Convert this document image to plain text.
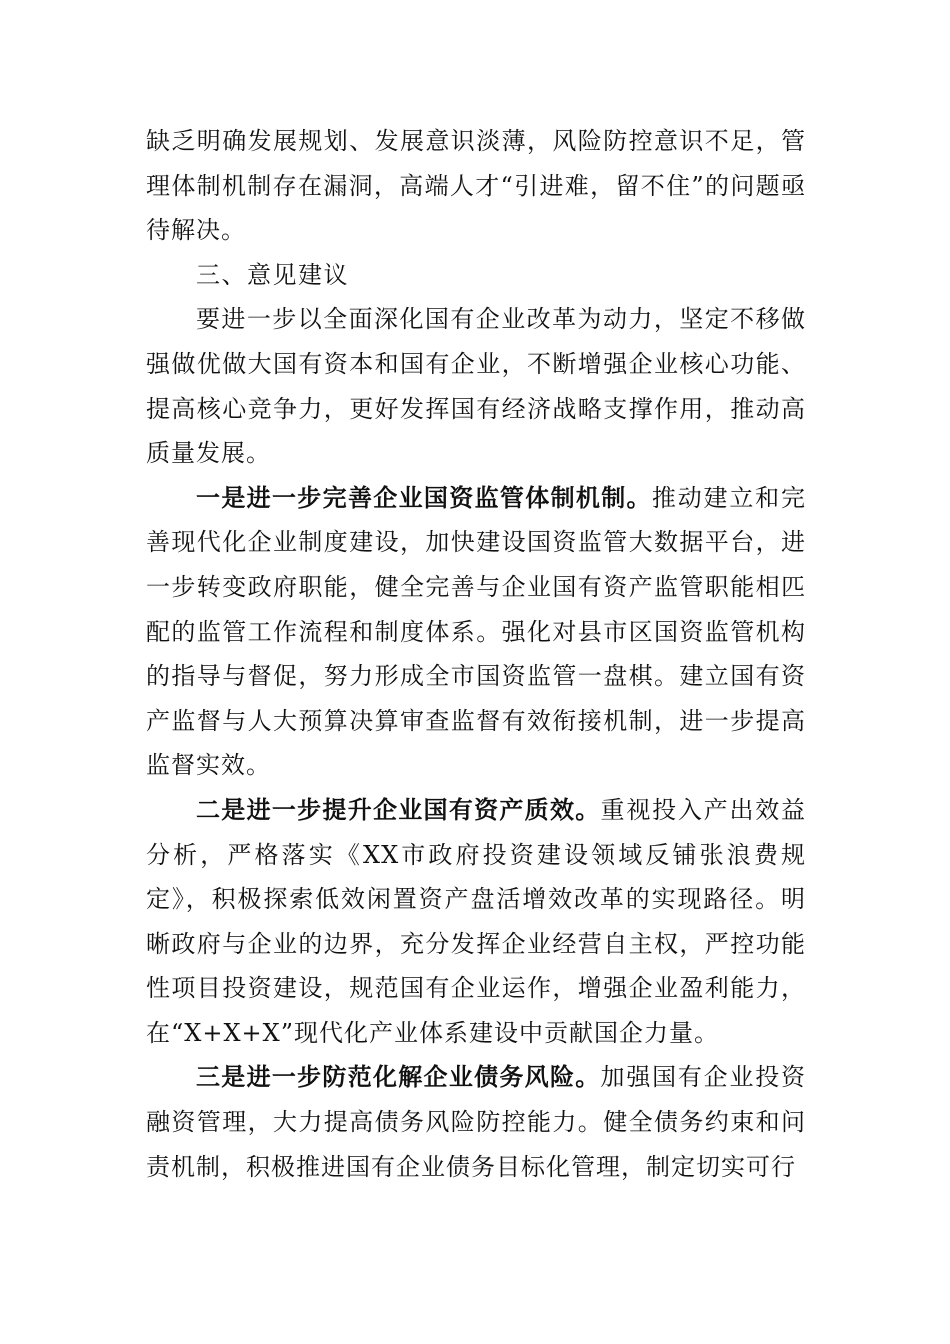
缺乏明确发展规划、发展意识淡薄，风险防控意识不足，管理体制机制存在漏洞，高端人才“引进难，留不住”的问题亟待解决。

三、意见建议

要进一步以全面深化国有企业改革为动力，坚定不移做强做优做大国有资本和国有企业，不断增强企业核心功能、提高核心竞争力，更好发挥国有经济战略支撑作用，推动高质量发展。

一是进一步完善企业国资监管体制机制。推动建立和完善现代化企业制度建设，加快建设国资监管大数据平台，进一步转变政府职能，健全完善与企业国有资产监管职能相匹配的监管工作流程和制度体系。强化对县市区国资监管机构的指导与督促，努力形成全市国资监管一盘棋。建立国有资产监督与人大预算决算审查监督有效衔接机制，进一步提高监督实效。

二是进一步提升企业国有资产质效。重视投入产出效益分析，严格落实《XX市政府投资建设领域反铺张浪费规定》，积极探索低效闲置资产盘活增效改革的实现路径。明晰政府与企业的边界，充分发挥企业经营自主权，严控功能性项目投资建设，规范国有企业运作，增强企业盈利能力，在“X+X+X”现代化产业体系建设中贡献国企力量。

三是进一步防范化解企业债务风险。加强国有企业投资融资管理，大力提高债务风险防控能力。健全债务约束和问责机制，积极推进国有企业债务目标化管理，制定切实可行
